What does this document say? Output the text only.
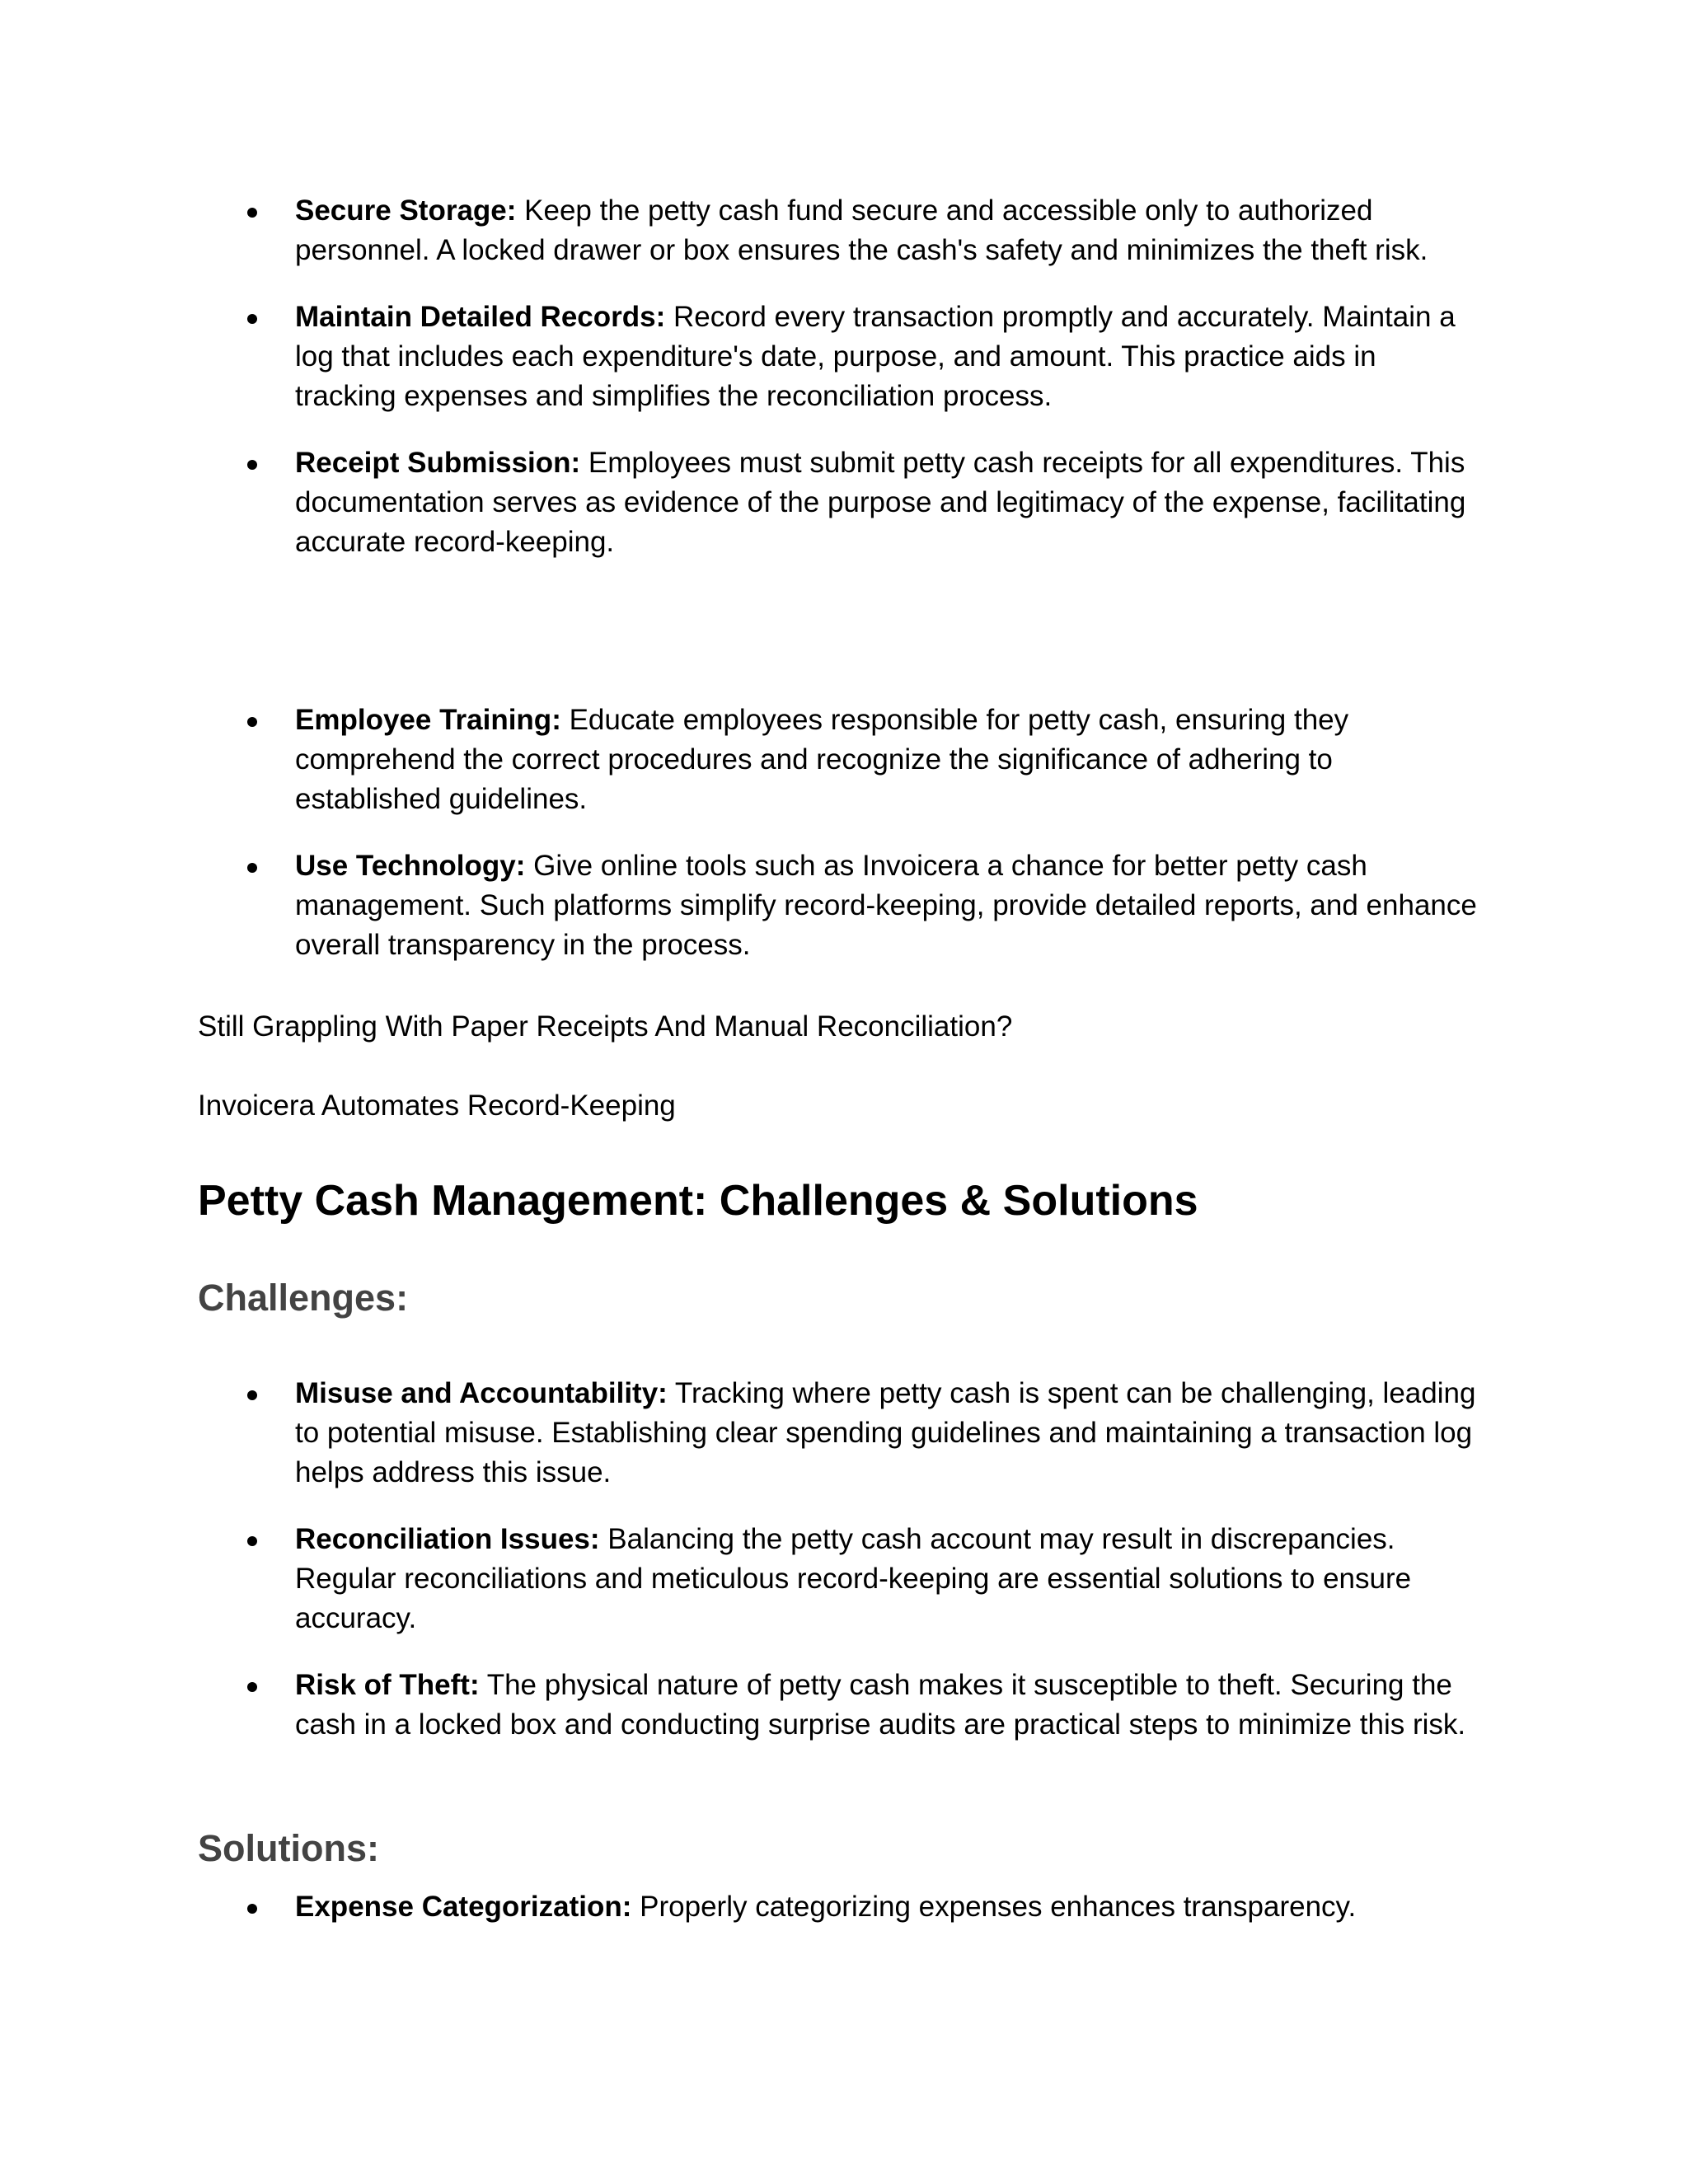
Secure Storage: Keep the petty cash fund secure and accessible only to authorized personnel. A locked drawer or box ensures the cash's safety and minimizes the theft risk.
Maintain Detailed Records: Record every transaction promptly and accurately. Maintain a log that includes each expenditure's date, purpose, and amount. This practice aids in tracking expenses and simplifies the reconciliation process.
Receipt Submission: Employees must submit petty cash receipts for all expenditures. This documentation serves as evidence of the purpose and legitimacy of the expense, facilitating accurate record-keeping.
Employee Training: Educate employees responsible for petty cash, ensuring they comprehend the correct procedures and recognize the significance of adhering to established guidelines.
Use Technology: Give online tools such as Invoicera a chance for better petty cash management. Such platforms simplify record-keeping, provide detailed reports, and enhance overall transparency in the process.

Still Grappling With Paper Receipts And Manual Reconciliation?

Invoicera Automates Record-Keeping

Petty Cash Management: Challenges & Solutions
Challenges:
Misuse and Accountability: Tracking where petty cash is spent can be challenging, leading to potential misuse. Establishing clear spending guidelines and maintaining a transaction log helps address this issue.
Reconciliation Issues: Balancing the petty cash account may result in discrepancies. Regular reconciliations and meticulous record-keeping are essential solutions to ensure accuracy.
Risk of Theft: The physical nature of petty cash makes it susceptible to theft. Securing the cash in a locked box and conducting surprise audits are practical steps to minimize this risk.
Solutions:
Expense Categorization: Properly categorizing expenses enhances transparency.
